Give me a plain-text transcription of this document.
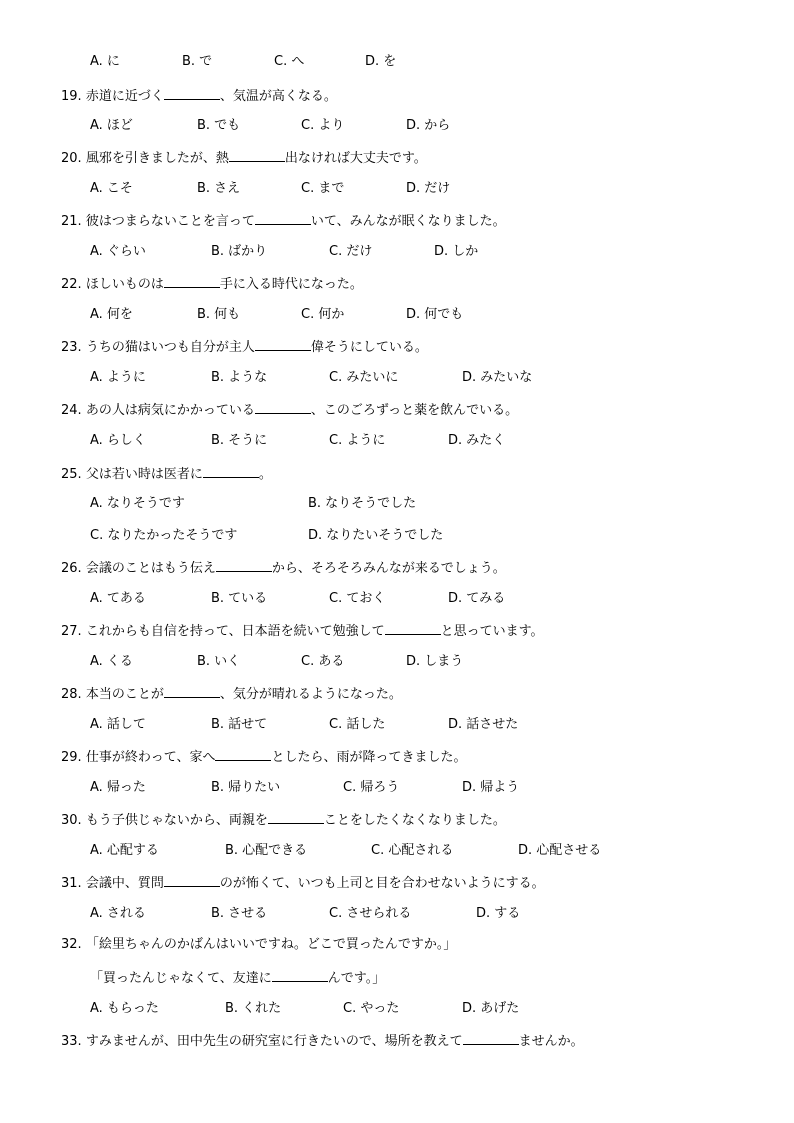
A. に	B. で	C. へ	D. を
19. 赤道に近づく	、気温が高くなる。
A. ほど	B. でも	C. より	D. から
20. 風邪を引きましたが、熱	出なければ大丈夫です。
A. こそ	B. さえ	C. まで	D. だけ
21. 彼はつまらないことを言って	いて、みんなが眠くなりました。
A. ぐらい	B. ばかり	C. だけ	D. しか
22. ほしいものは	手に入る時代になった。
A. 何を	B. 何も	C. 何か	D. 何でも
23. うちの猫はいつも自分が主人	偉そうにしている。
A. ように	B. ような	C. みたいに	D. みたいな
24. あの人は病気にかかっている	、このごろずっと薬を飲んでいる。
A. らしく	B. そうに	C. ように	D. みたく
25. 父は若い時は医者に	。
A. なりそうです	B. なりそうでした
C. なりたかったそうです	D. なりたいそうでした
26. 会議のことはもう伝え	から、そろそろみんなが来るでしょう。
A. てある	B. ている	C. ておく	D. てみる
27. これからも自信を持って、日本語を続いて勉強して	と思っています。
A. くる	B. いく	C. ある	D. しまう
28. 本当のことが	、気分が晴れるようになった。
A. 話して	B. 話せて	C. 話した	D. 話させた
29. 仕事が終わって、家へ	としたら、雨が降ってきました。
A. 帰った	B. 帰りたい	C. 帰ろう	D. 帰よう
30. もう子供じゃないから、両親を	ことをしたくなくなりました。
A. 心配する	B. 心配できる	C. 心配される	D. 心配させる
31. 会議中、質問	のが怖くて、いつも上司と目を合わせないようにする。
A. される	B. させる	C. させられる	D. する
32. 「絵里ちゃんのかばんはいいですね。どこで買ったんですか。」
「買ったんじゃなくて、友達に	んです。」
A. もらった	B. くれた	C. やった	D. あげた
33. すみませんが、田中先生の研究室に行きたいので、場所を教えて	ませんか。
